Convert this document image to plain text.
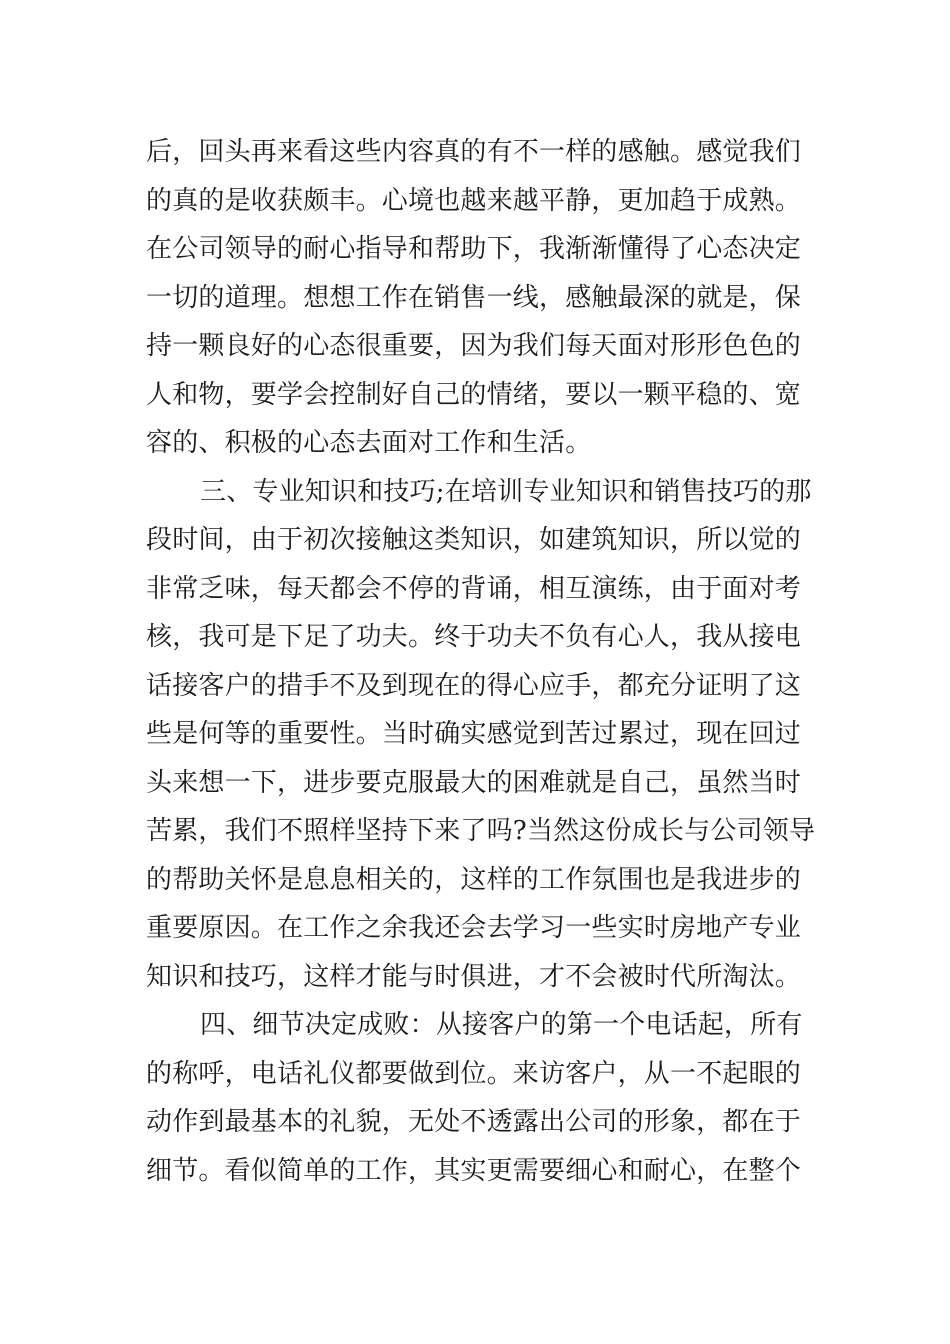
后，回头再来看这些内容真的有不一样的感触。感觉我们
的真的是收获颇丰。心境也越来越平静，更加趋于成熟。
在公司领导的耐心指导和帮助下，我渐渐懂得了心态决定
一切的道理。想想工作在销售一线，感触最深的就是，保
持一颗良好的心态很重要，因为我们每天面对形形色色的
人和物，要学会控制好自己的情绪，要以一颗平稳的、宽
容的、积极的心态去面对工作和生活。
三、专业知识和技巧;在培训专业知识和销售技巧的那
段时间，由于初次接触这类知识，如建筑知识，所以觉的
非常乏味，每天都会不停的背诵，相互演练，由于面对考
核，我可是下足了功夫。终于功夫不负有心人，我从接电
话接客户的措手不及到现在的得心应手，都充分证明了这
些是何等的重要性。当时确实感觉到苦过累过，现在回过
头来想一下，进步要克服最大的困难就是自己，虽然当时
苦累，我们不照样坚持下来了吗?当然这份成长与公司领导
的帮助关怀是息息相关的，这样的工作氛围也是我进步的
重要原因。在工作之余我还会去学习一些实时房地产专业
知识和技巧，这样才能与时俱进，才不会被时代所淘汰。
四、细节决定成败：从接客户的第一个电话起，所有
的称呼，电话礼仪都要做到位。来访客户，从一不起眼的
动作到最基本的礼貌，无处不透露出公司的形象，都在于
细节。看似简单的工作，其实更需要细心和耐心，在整个
